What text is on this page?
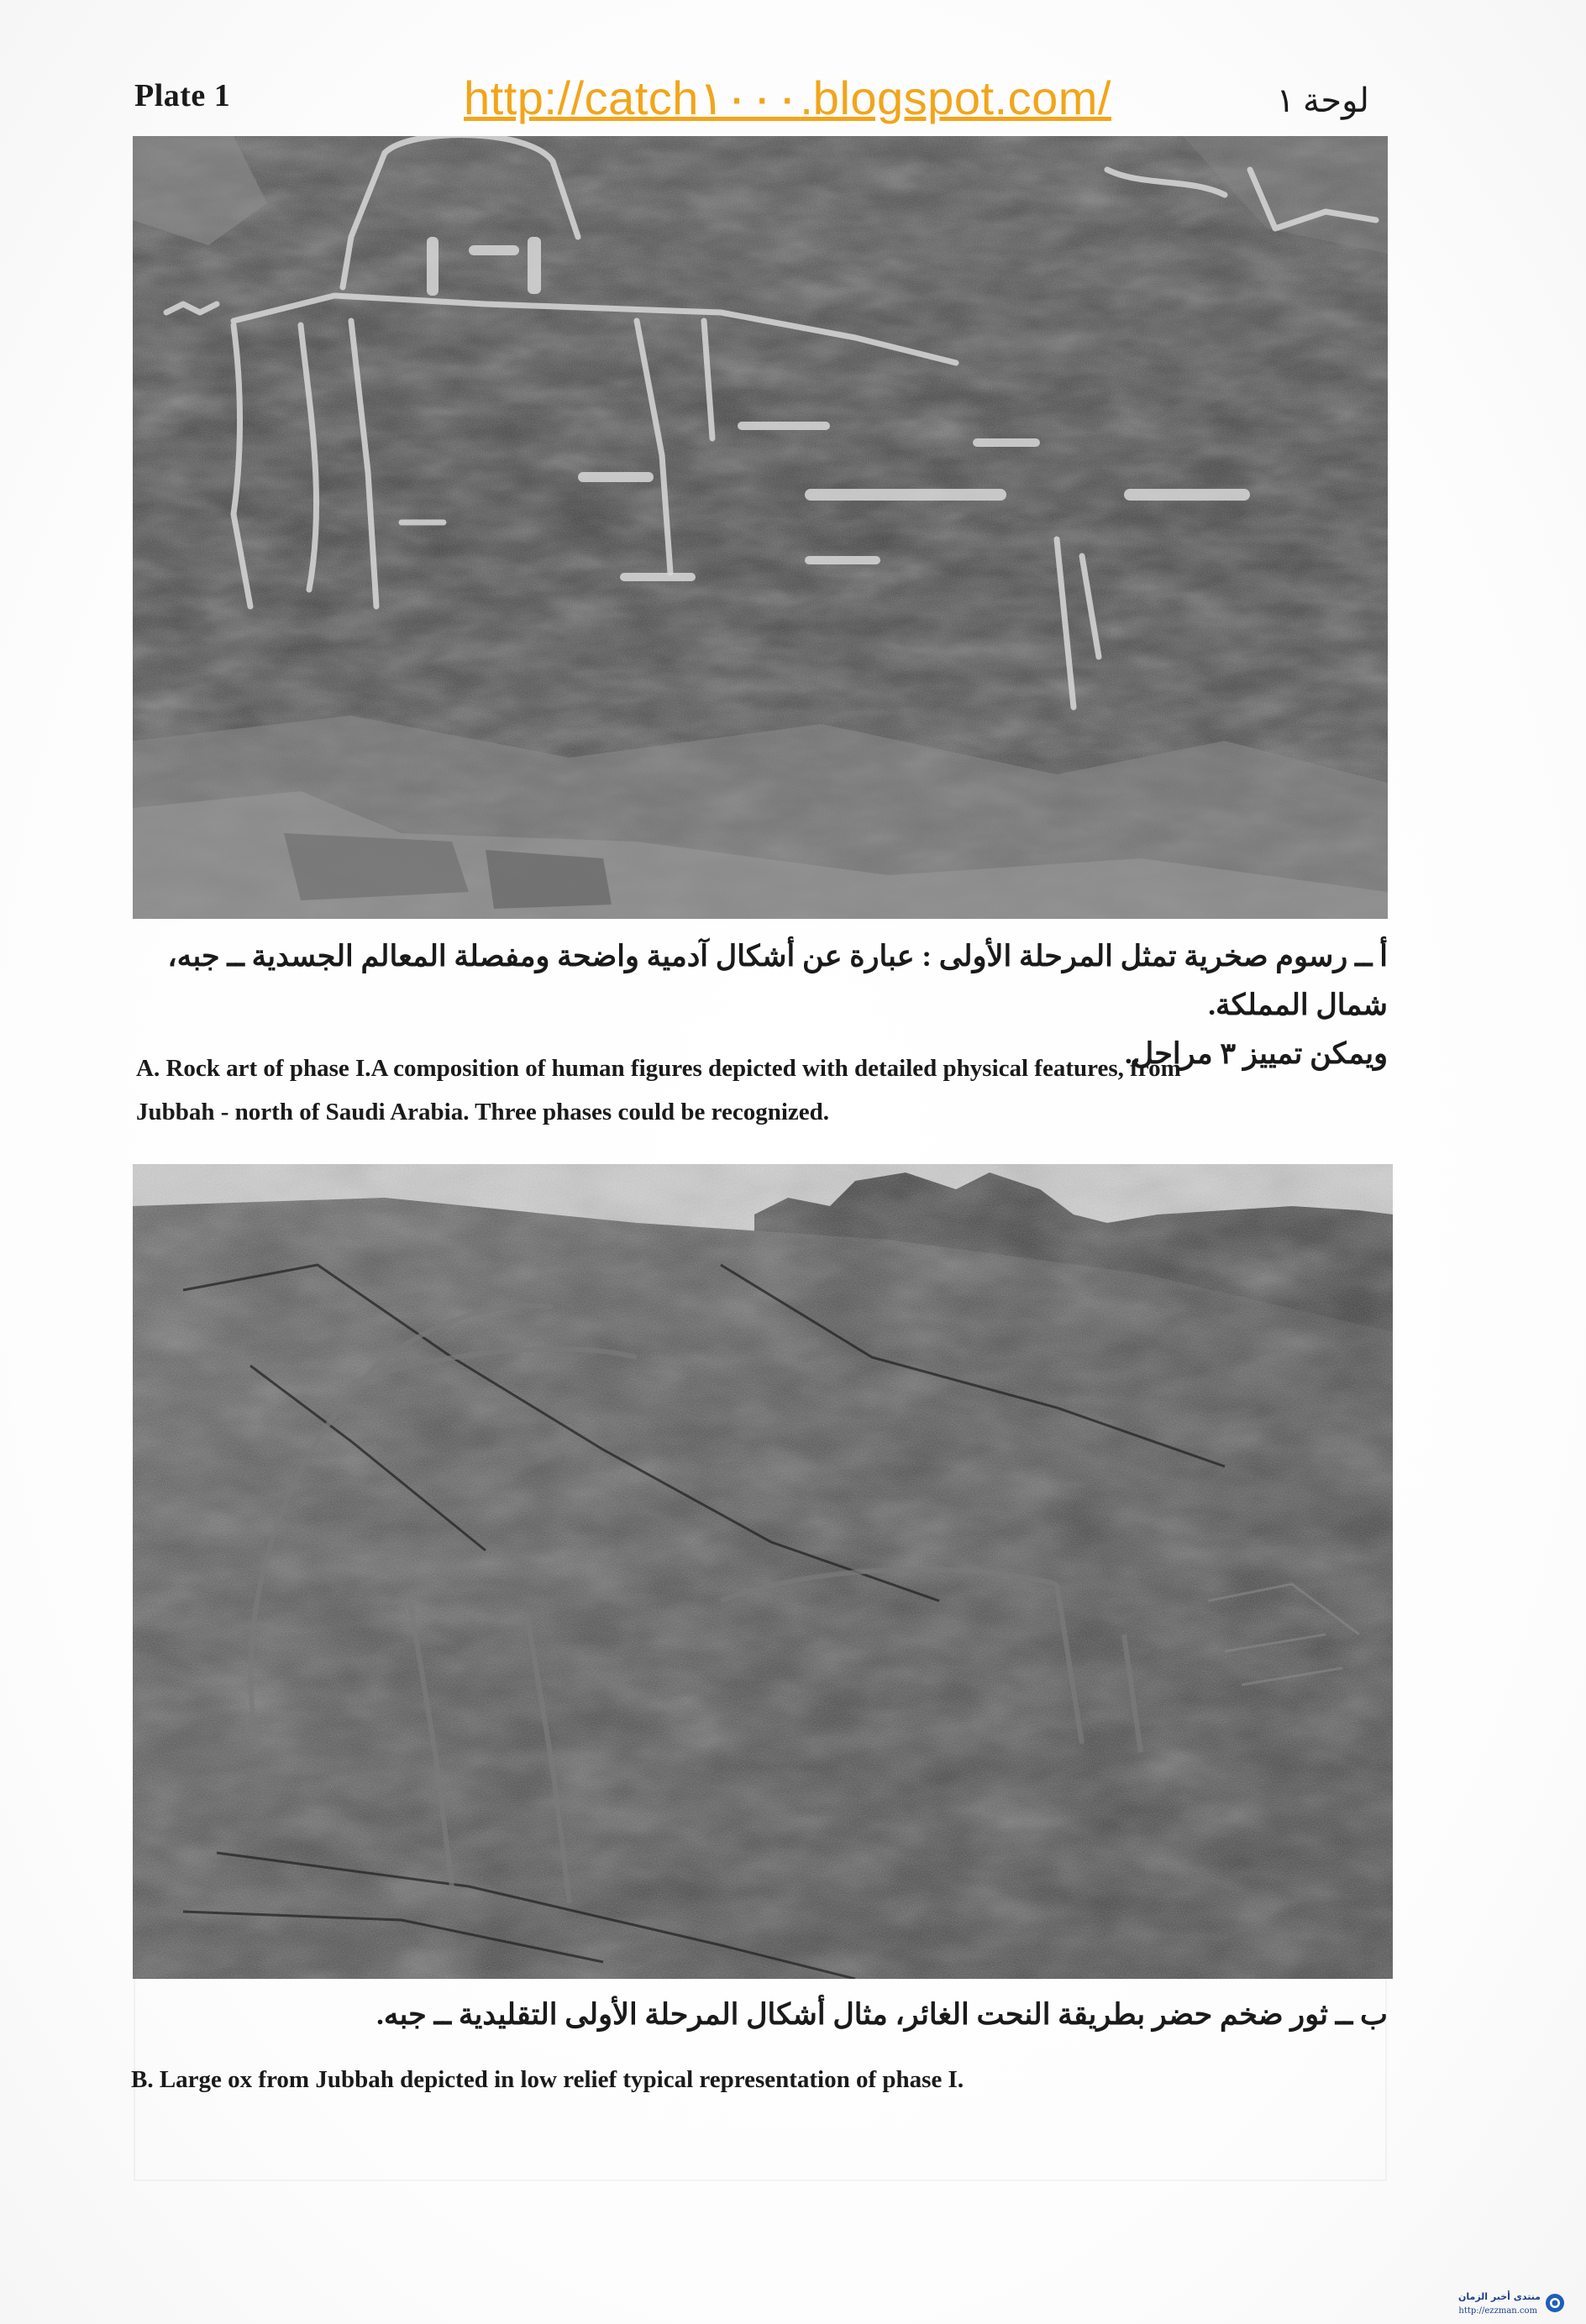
Plate 1	http://catch١٠٠٠.blogspot.com/	لوحة ١
أ ــ رسوم صخرية تمثل المرحلة الأولى : عبارة عن أشكال آدمية واضحة ومفصلة المعالم الجسدية ــ جبه، شمال المملكة.
ويمكن تمييز ٣ مراحل.
A. Rock art of phase I.A composition of human figures depicted with detailed physical features, from
Jubbah - north of Saudi Arabia. Three phases could be recognized.
ب ــ ثور ضخم حضر بطريقة النحت الغائر، مثال أشكال المرحلة الأولى التقليدية ــ جبه.
B. Large ox from Jubbah depicted in low relief typical representation of phase I.
منتدى أخبر الزمان
http://ezzman.com
